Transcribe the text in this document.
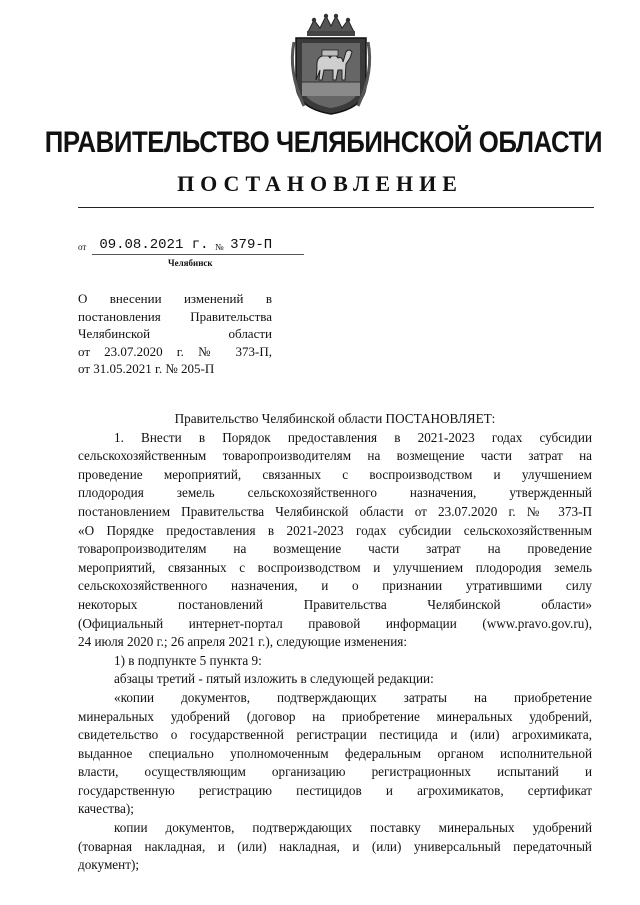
ПРАВИТЕЛЬСТВО ЧЕЛЯБИНСКОЙ ОБЛАСТИ
ПОСТАНОВЛЕНИЕ
от 09.08.2021 г. № 379-П
Челябинск
О внесении изменений в
постановления Правительства
Челябинской области
от 23.07.2020 г. № 373-П,
от 31.05.2021 г. № 205-П
Правительство Челябинской области ПОСТАНОВЛЯЕТ:
1. Внести в Порядок предоставления в 2021-2023 годах субсидии
сельскохозяйственным товаропроизводителям на возмещение части затрат на
проведение мероприятий, связанных с воспроизводством и улучшением
плодородия земель сельскохозяйственного назначения, утвержденный
постановлением Правительства Челябинской области от 23.07.2020 г. № 373-П
«О Порядке предоставления в 2021-2023 годах субсидии сельскохозяйственным
товаропроизводителям на возмещение части затрат на проведение
мероприятий, связанных с воспроизводством и улучшением плодородия земель
сельскохозяйственного назначения, и о признании утратившими силу
некоторых постановлений Правительства Челябинской области»
(Официальный интернет-портал правовой информации (www.pravo.gov.ru),
24 июля 2020 г.; 26 апреля 2021 г.), следующие изменения:
1) в подпункте 5 пункта 9:
абзацы третий - пятый изложить в следующей редакции:
«копии документов, подтверждающих затраты на приобретение
минеральных удобрений (договор на приобретение минеральных удобрений,
свидетельство о государственной регистрации пестицида и (или) агрохимиката,
выданное специально уполномоченным федеральным органом исполнительной
власти, осуществляющим организацию регистрационных испытаний и
государственную регистрацию пестицидов и агрохимикатов, сертификат
качества);
копии документов, подтверждающих поставку минеральных удобрений
(товарная накладная, и (или) накладная, и (или) универсальный передаточный
документ);
